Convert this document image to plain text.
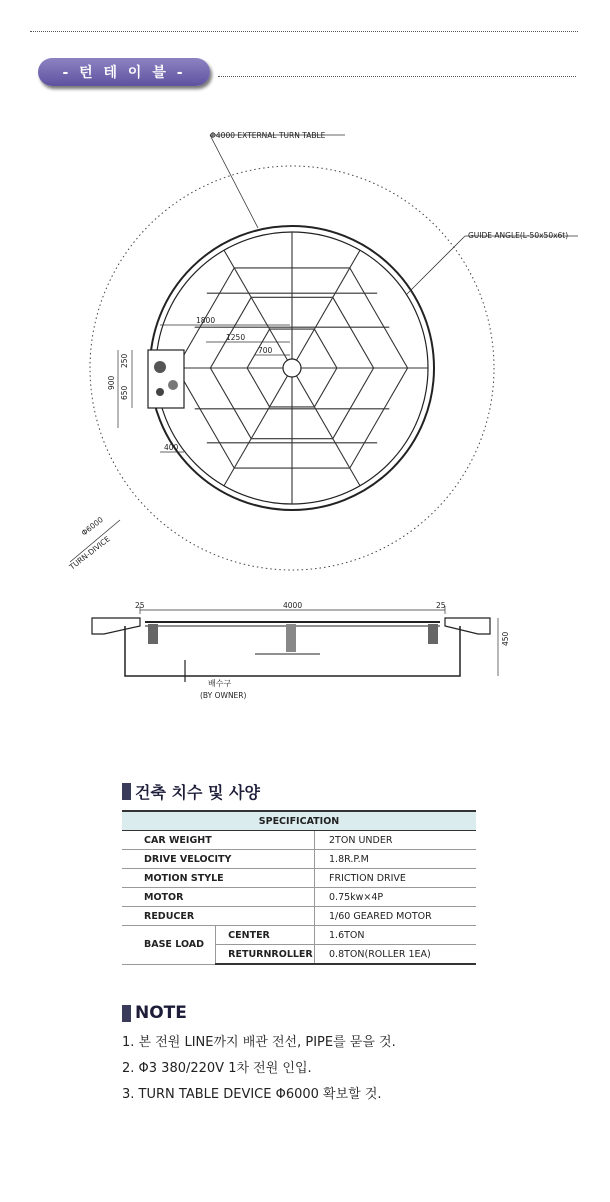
- 턴 테 이 블 -
Φ4000 EXTERNAL TURN TABLE
GUIDE ANGLE(L-50x50x6t)
1800
1250
700
250
900
650
400
Φ6000
TURN-DIVICE
25	4000	25
450
배수구
(BY OWNER)
건축 치수 및 사양
SPECIFICATION		
CAR WEIGHT		2TON UNDER
DRIVE VELOCITY		1.8R.P.M
MOTION STYLE		FRICTION DRIVE
MOTOR		0.75kw×4P
REDUCER		1/60 GEARED MOTOR
BASE LOAD	CENTER	1.6TON
	RETURNROLLER	0.8TON(ROLLER 1EA)
NOTE
1. 본 전원 LINE까지 배관 전선, PIPE를 묻을 것.
2. Φ3 380/220V 1차 전원 인입.
3. TURN TABLE DEVICE Φ6000 확보할 것.
